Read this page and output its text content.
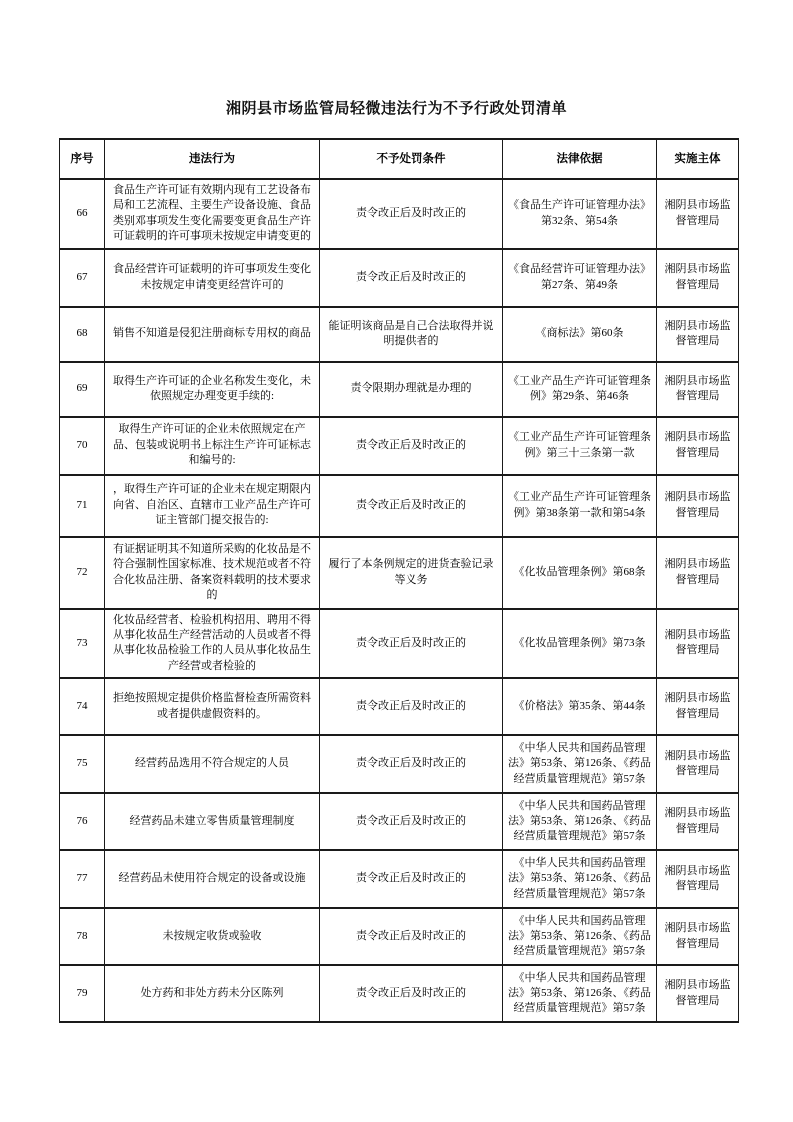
湘阴县市场监管局轻微违法行为不予行政处罚清单
序号	违法行为	不予处罚条件	法律依据	实施主体
66	食品生产许可证有效期内现有工艺设备布局和工艺流程、主要生产设备设施、食品类别邓事项发生变化需要变更食品生产许可证载明的许可事项未按规定申请变更的	责令改正后及时改正的	《食品生产许可证管理办法》第32条、第54条	湘阴县市场监督管理局
67	食品经营许可证载明的许可事项发生变化未按规定申请变更经营许可的	责令改正后及时改正的	《食品经营许可证管理办法》第27条、第49条	湘阴县市场监督管理局
68	销售不知道是侵犯注册商标专用权的商品	能证明该商品是自己合法取得并说明提供者的	《商标法》第60条	湘阴县市场监督管理局
69	取得生产许可证的企业名称发生变化，未依照规定办理变更手续的:	责令限期办理就是办理的	《工业产品生产许可证管理条例》第29条、第46条	湘阴县市场监督管理局
70	取得生产许可证的企业未依照规定在产品、包装或说明书上标注生产许可证标志和编号的:	责令改正后及时改正的	《工业产品生产许可证管理条例》第三十三条第一款	湘阴县市场监督管理局
71	，取得生产许可证的企业未在规定期限内向省、自治区、直辖市工业产品生产许可证主管部门提交报告的:	责令改正后及时改正的	《工业产品生产许可证管理条例》第38条第一款和第54条	湘阴县市场监督管理局
72	有证据证明其不知道所采购的化妆品是不符合强制性国家标准、技术规范或者不符合化妆品注册、备案资料载明的技术要求的	履行了本条例规定的进货查验记录等义务	《化妆品管理条例》第68条	湘阴县市场监督管理局
73	化妆品经营者、检验机构招用、聘用不得从事化妆品生产经营活动的人员或者不得从事化妆品检验工作的人员从事化妆品生产经营或者检验的	责令改正后及时改正的	《化妆品管理条例》第73条	湘阴县市场监督管理局
74	拒绝按照规定提供价格监督检查所需资料或者提供虚假资料的。	责令改正后及时改正的	《价格法》第35条、第44条	湘阴县市场监督管理局
75	经营药品选用不符合规定的人员	责令改正后及时改正的	《中华人民共和国药品管理法》第53条、第126条、《药品经营质量管理规范》第57条	湘阴县市场监督管理局
76	经营药品未建立零售质量管理制度	责令改正后及时改正的	《中华人民共和国药品管理法》第53条、第126条、《药品经营质量管理规范》第57条	湘阴县市场监督管理局
77	经营药品未使用符合规定的设备或设施	责令改正后及时改正的	《中华人民共和国药品管理法》第53条、第126条、《药品经营质量管理规范》第57条	湘阴县市场监督管理局
78	未按规定收货或验收	责令改正后及时改正的	《中华人民共和国药品管理法》第53条、第126条、《药品经营质量管理规范》第57条	湘阴县市场监督管理局
79	处方药和非处方药未分区陈列	责令改正后及时改正的	《中华人民共和国药品管理法》第53条、第126条、《药品经营质量管理规范》第57条	湘阴县市场监督管理局
